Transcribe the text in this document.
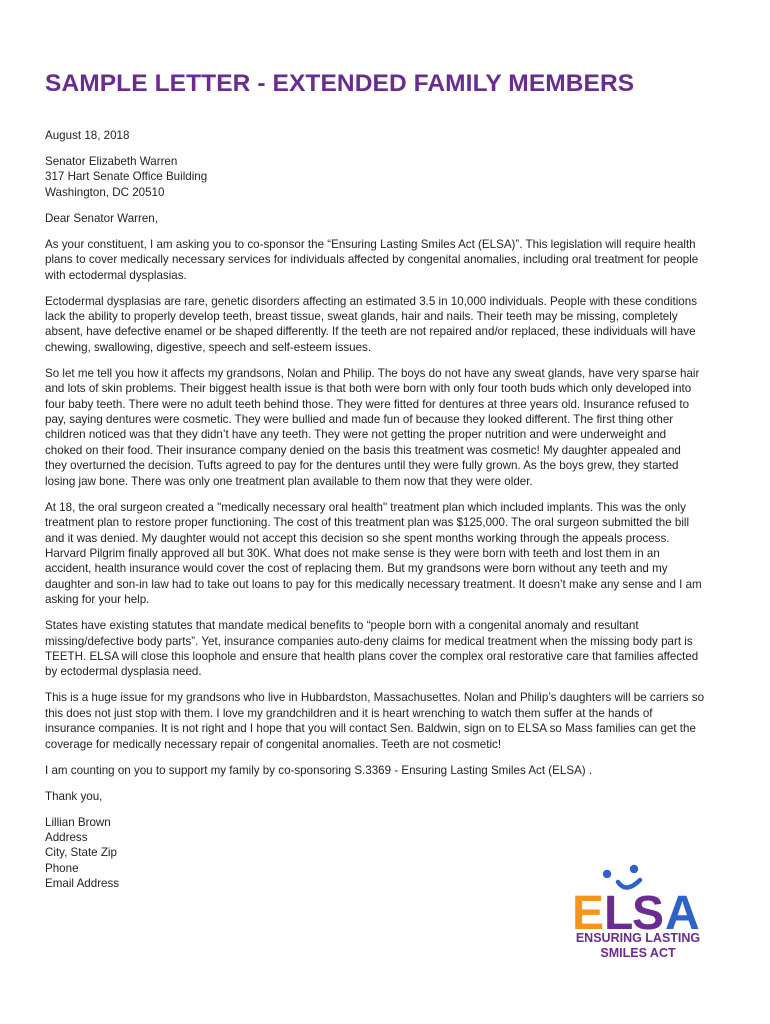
SAMPLE LETTER - EXTENDED FAMILY MEMBERS

August 18, 2018

Senator Elizabeth Warren
317 Hart Senate Office Building
Washington, DC 20510

Dear Senator Warren,

As your constituent, I am asking you to co-sponsor the “Ensuring Lasting Smiles Act (ELSA)”. This legislation will require health plans to cover medically necessary services for individuals affected by congenital anomalies, including oral treatment for people with ectodermal dysplasias.

Ectodermal dysplasias are rare, genetic disorders affecting an estimated 3.5 in 10,000 individuals. People with these conditions lack the ability to properly develop teeth, breast tissue, sweat glands, hair and nails. Their teeth may be missing, completely absent, have defective enamel or be shaped differently. If the teeth are not repaired and/or replaced, these individuals will have chewing, swallowing, digestive, speech and self-esteem issues.

So let me tell you how it affects my grandsons, Nolan and Philip. The boys do not have any sweat glands, have very sparse hair and lots of skin problems. Their biggest health issue is that both were born with only four tooth buds which only developed into four baby teeth. There were no adult teeth behind those. They were fitted for dentures at three years old. Insurance refused to pay, saying dentures were cosmetic. They were bullied and made fun of because they looked different. The first thing other children noticed was that they didn’t have any teeth. They were not getting the proper nutrition and were underweight and choked on their food. Their insurance company denied on the basis this treatment was cosmetic! My daughter appealed and they overturned the decision. Tufts agreed to pay for the dentures until they were fully grown. As the boys grew, they started losing jaw bone. There was only one treatment plan available to them now that they were older.

At 18, the oral surgeon created a "medically necessary oral health" treatment plan which included implants. This was the only treatment plan to restore proper functioning. The cost of this treatment plan was $125,000. The oral surgeon submitted the bill and it was denied. My daughter would not accept this decision so she spent months working through the appeals process. Harvard Pilgrim finally approved all but 30K. What does not make sense is they were born with teeth and lost them in an accident, health insurance would cover the cost of replacing them. But my grandsons were born without any teeth and my daughter and son-in law had to take out loans to pay for this medically necessary treatment. It doesn’t make any sense and I am asking for your help.

States have existing statutes that mandate medical benefits to “people born with a congenital anomaly and resultant missing/defective body parts”. Yet, insurance companies auto-deny claims for medical treatment when the missing body part is TEETH. ELSA will close this loophole and ensure that health plans cover the complex oral restorative care that families affected by ectodermal dysplasia need.

This is a huge issue for my grandsons who live in Hubbardston, Massachusettes. Nolan and Philip’s daughters will be carriers so this does not just stop with them. I love my grandchildren and it is heart wrenching to watch them suffer at the hands of insurance companies. It is not right and I hope that you will contact Sen. Baldwin, sign on to ELSA so Mass families can get the coverage for medically necessary repair of congenital anomalies. Teeth are not cosmetic!

I am counting on you to support my family by co-sponsoring S.3369 - Ensuring Lasting Smiles Act (ELSA) .

Thank you,

Lillian Brown
Address
City, State Zip
Phone
Email Address
E L
S A
ENSURING LASTING
SMILES ACT
